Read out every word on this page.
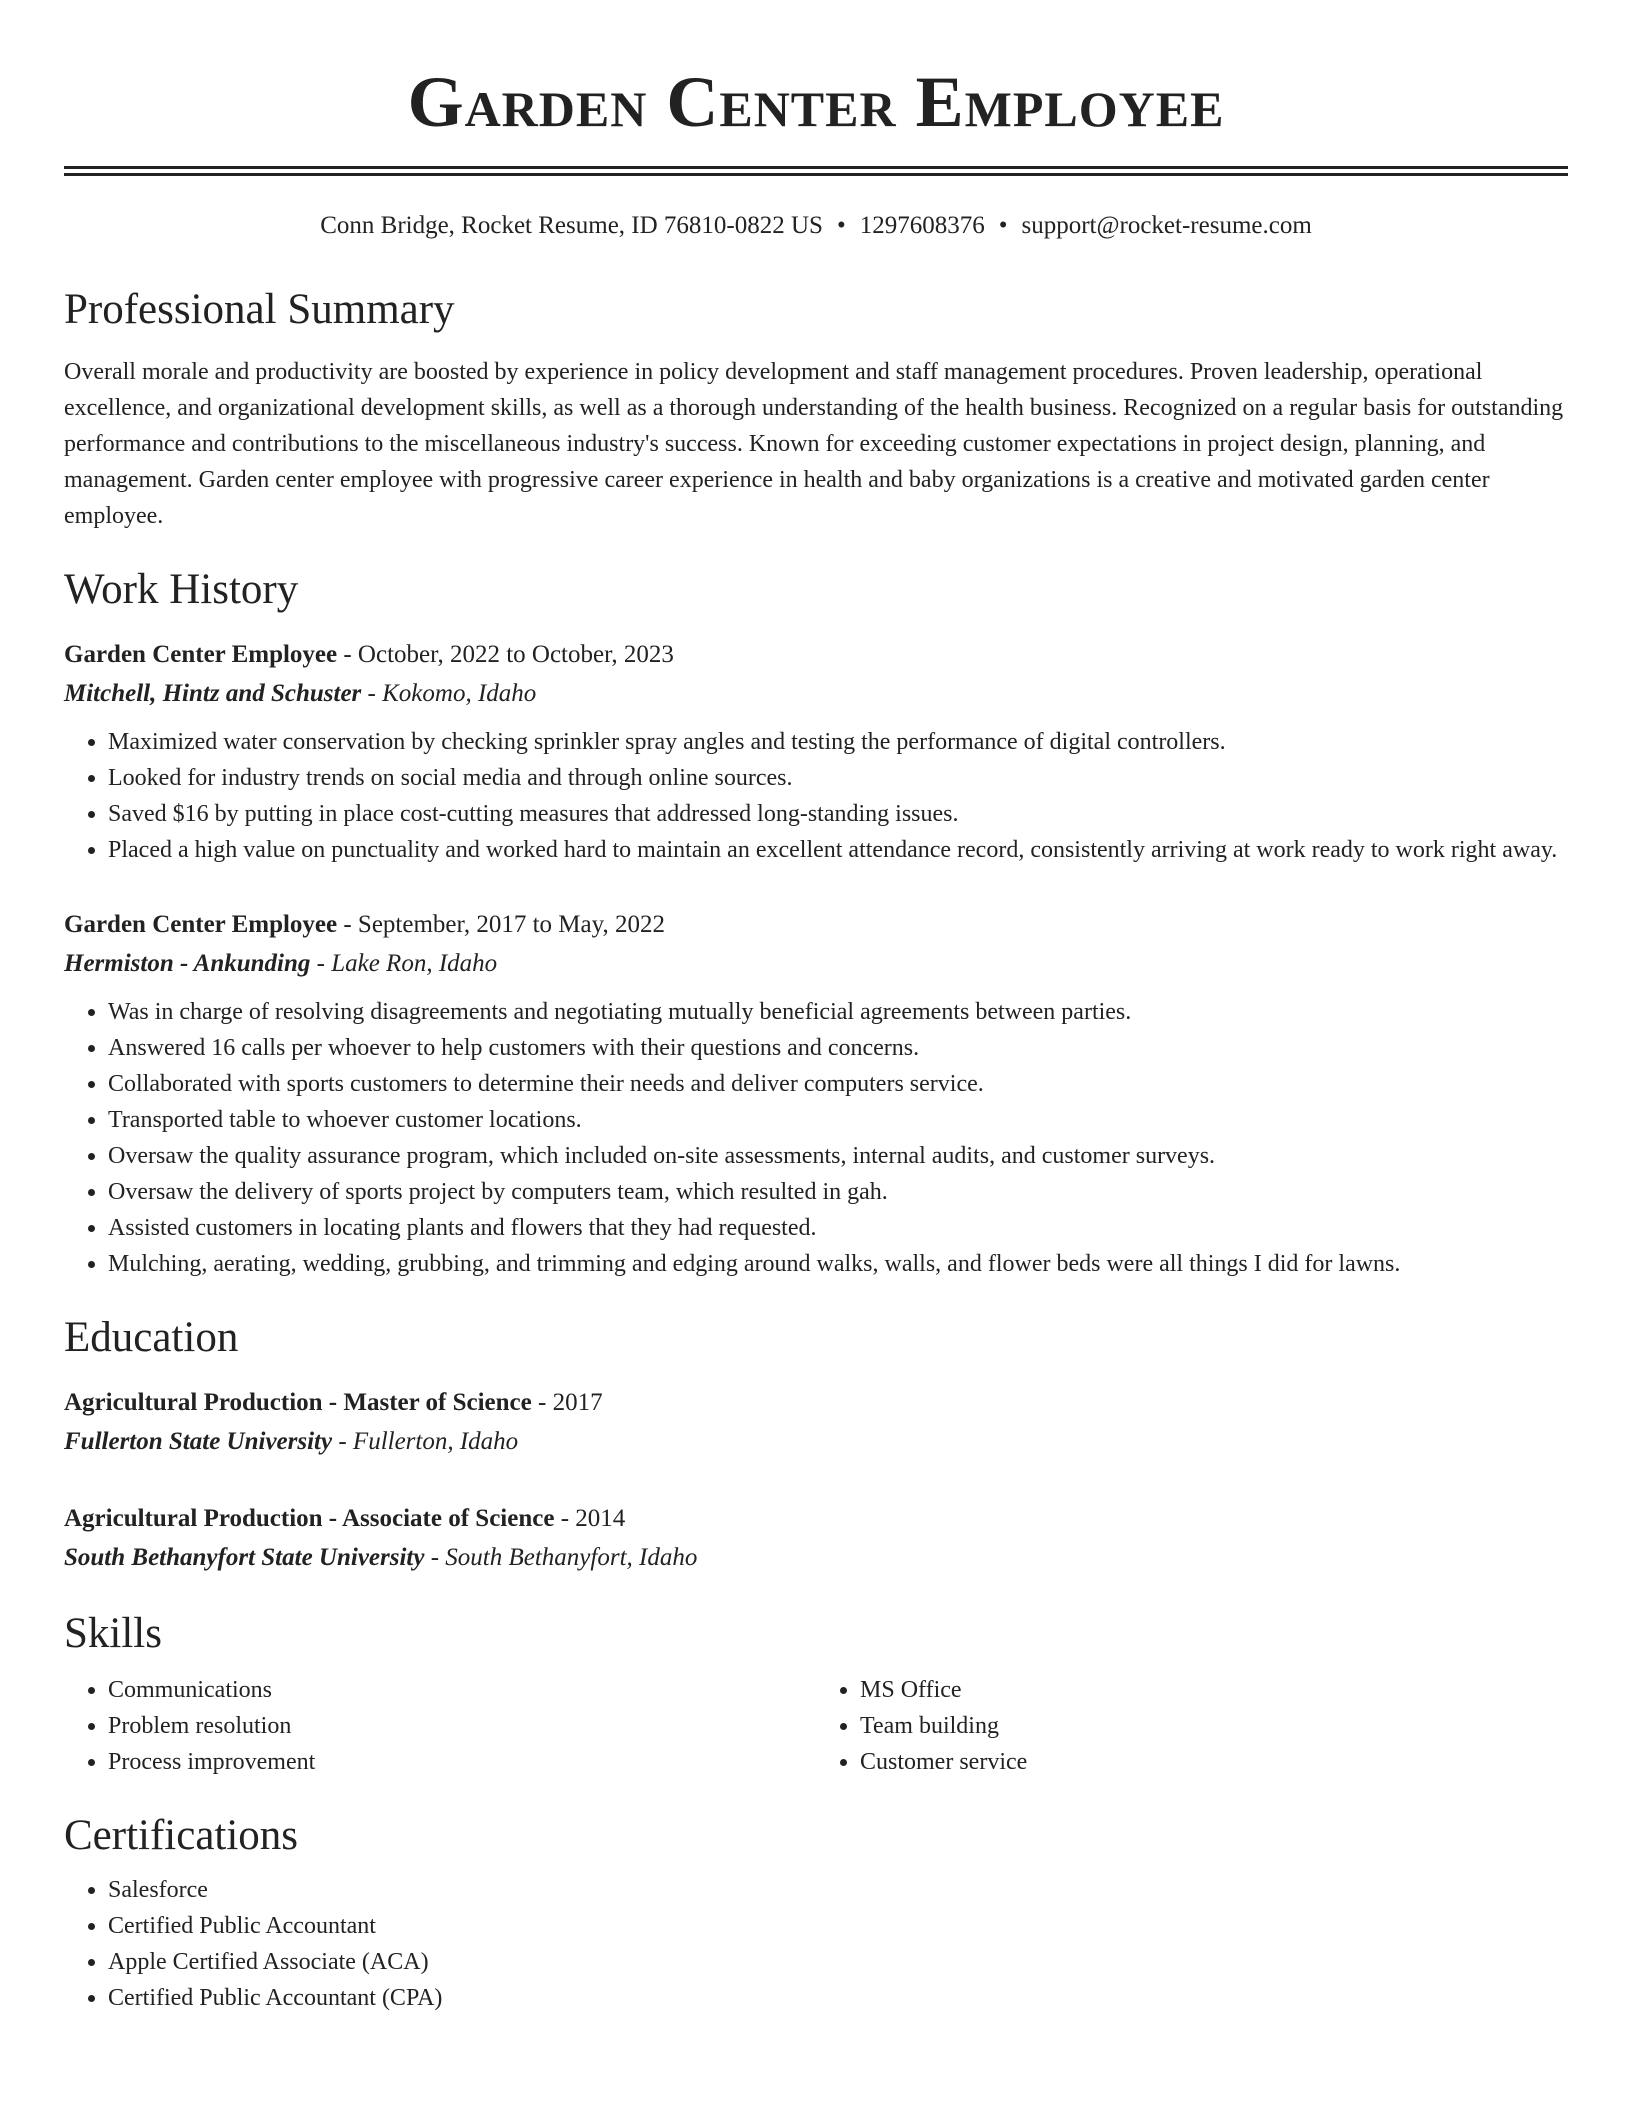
Garden Center Employee
Conn Bridge, Rocket Resume, ID 76810-0822 US • 1297608376 • support@rocket-resume.com
Professional Summary

Overall morale and productivity are boosted by experience in policy development and staff management procedures. Proven leadership, operational excellence, and organizational development skills, as well as a thorough understanding of the health business. Recognized on a regular basis for outstanding performance and contributions to the miscellaneous industry's success. Known for exceeding customer expectations in project design, planning, and management. Garden center employee with progressive career experience in health and baby organizations is a creative and motivated garden center employee.

Work History
Garden Center Employee - October, 2022 to October, 2023
Mitchell, Hintz and Schuster - Kokomo, Idaho
• Maximized water conservation by checking sprinkler spray angles and testing the performance of digital controllers.
• Looked for industry trends on social media and through online sources.
• Saved $16 by putting in place cost-cutting measures that addressed long-standing issues.
• Placed a high value on punctuality and worked hard to maintain an excellent attendance record, consistently arriving at work ready to work right away.
Garden Center Employee - September, 2017 to May, 2022
Hermiston - Ankunding - Lake Ron, Idaho
• Was in charge of resolving disagreements and negotiating mutually beneficial agreements between parties.
• Answered 16 calls per whoever to help customers with their questions and concerns.
• Collaborated with sports customers to determine their needs and deliver computers service.
• Transported table to whoever customer locations.
• Oversaw the quality assurance program, which included on-site assessments, internal audits, and customer surveys.
• Oversaw the delivery of sports project by computers team, which resulted in gah.
• Assisted customers in locating plants and flowers that they had requested.
• Mulching, aerating, wedding, grubbing, and trimming and edging around walks, walls, and flower beds were all things I did for lawns.
Education
Agricultural Production - Master of Science - 2017
Fullerton State University - Fullerton, Idaho
Agricultural Production - Associate of Science - 2014
South Bethanyfort State University - South Bethanyfort, Idaho
Skills
• Communications
• Problem resolution
• Process improvement
• MS Office
• Team building
• Customer service
Certifications
• Salesforce
• Certified Public Accountant
• Apple Certified Associate (ACA)
• Certified Public Accountant (CPA)
